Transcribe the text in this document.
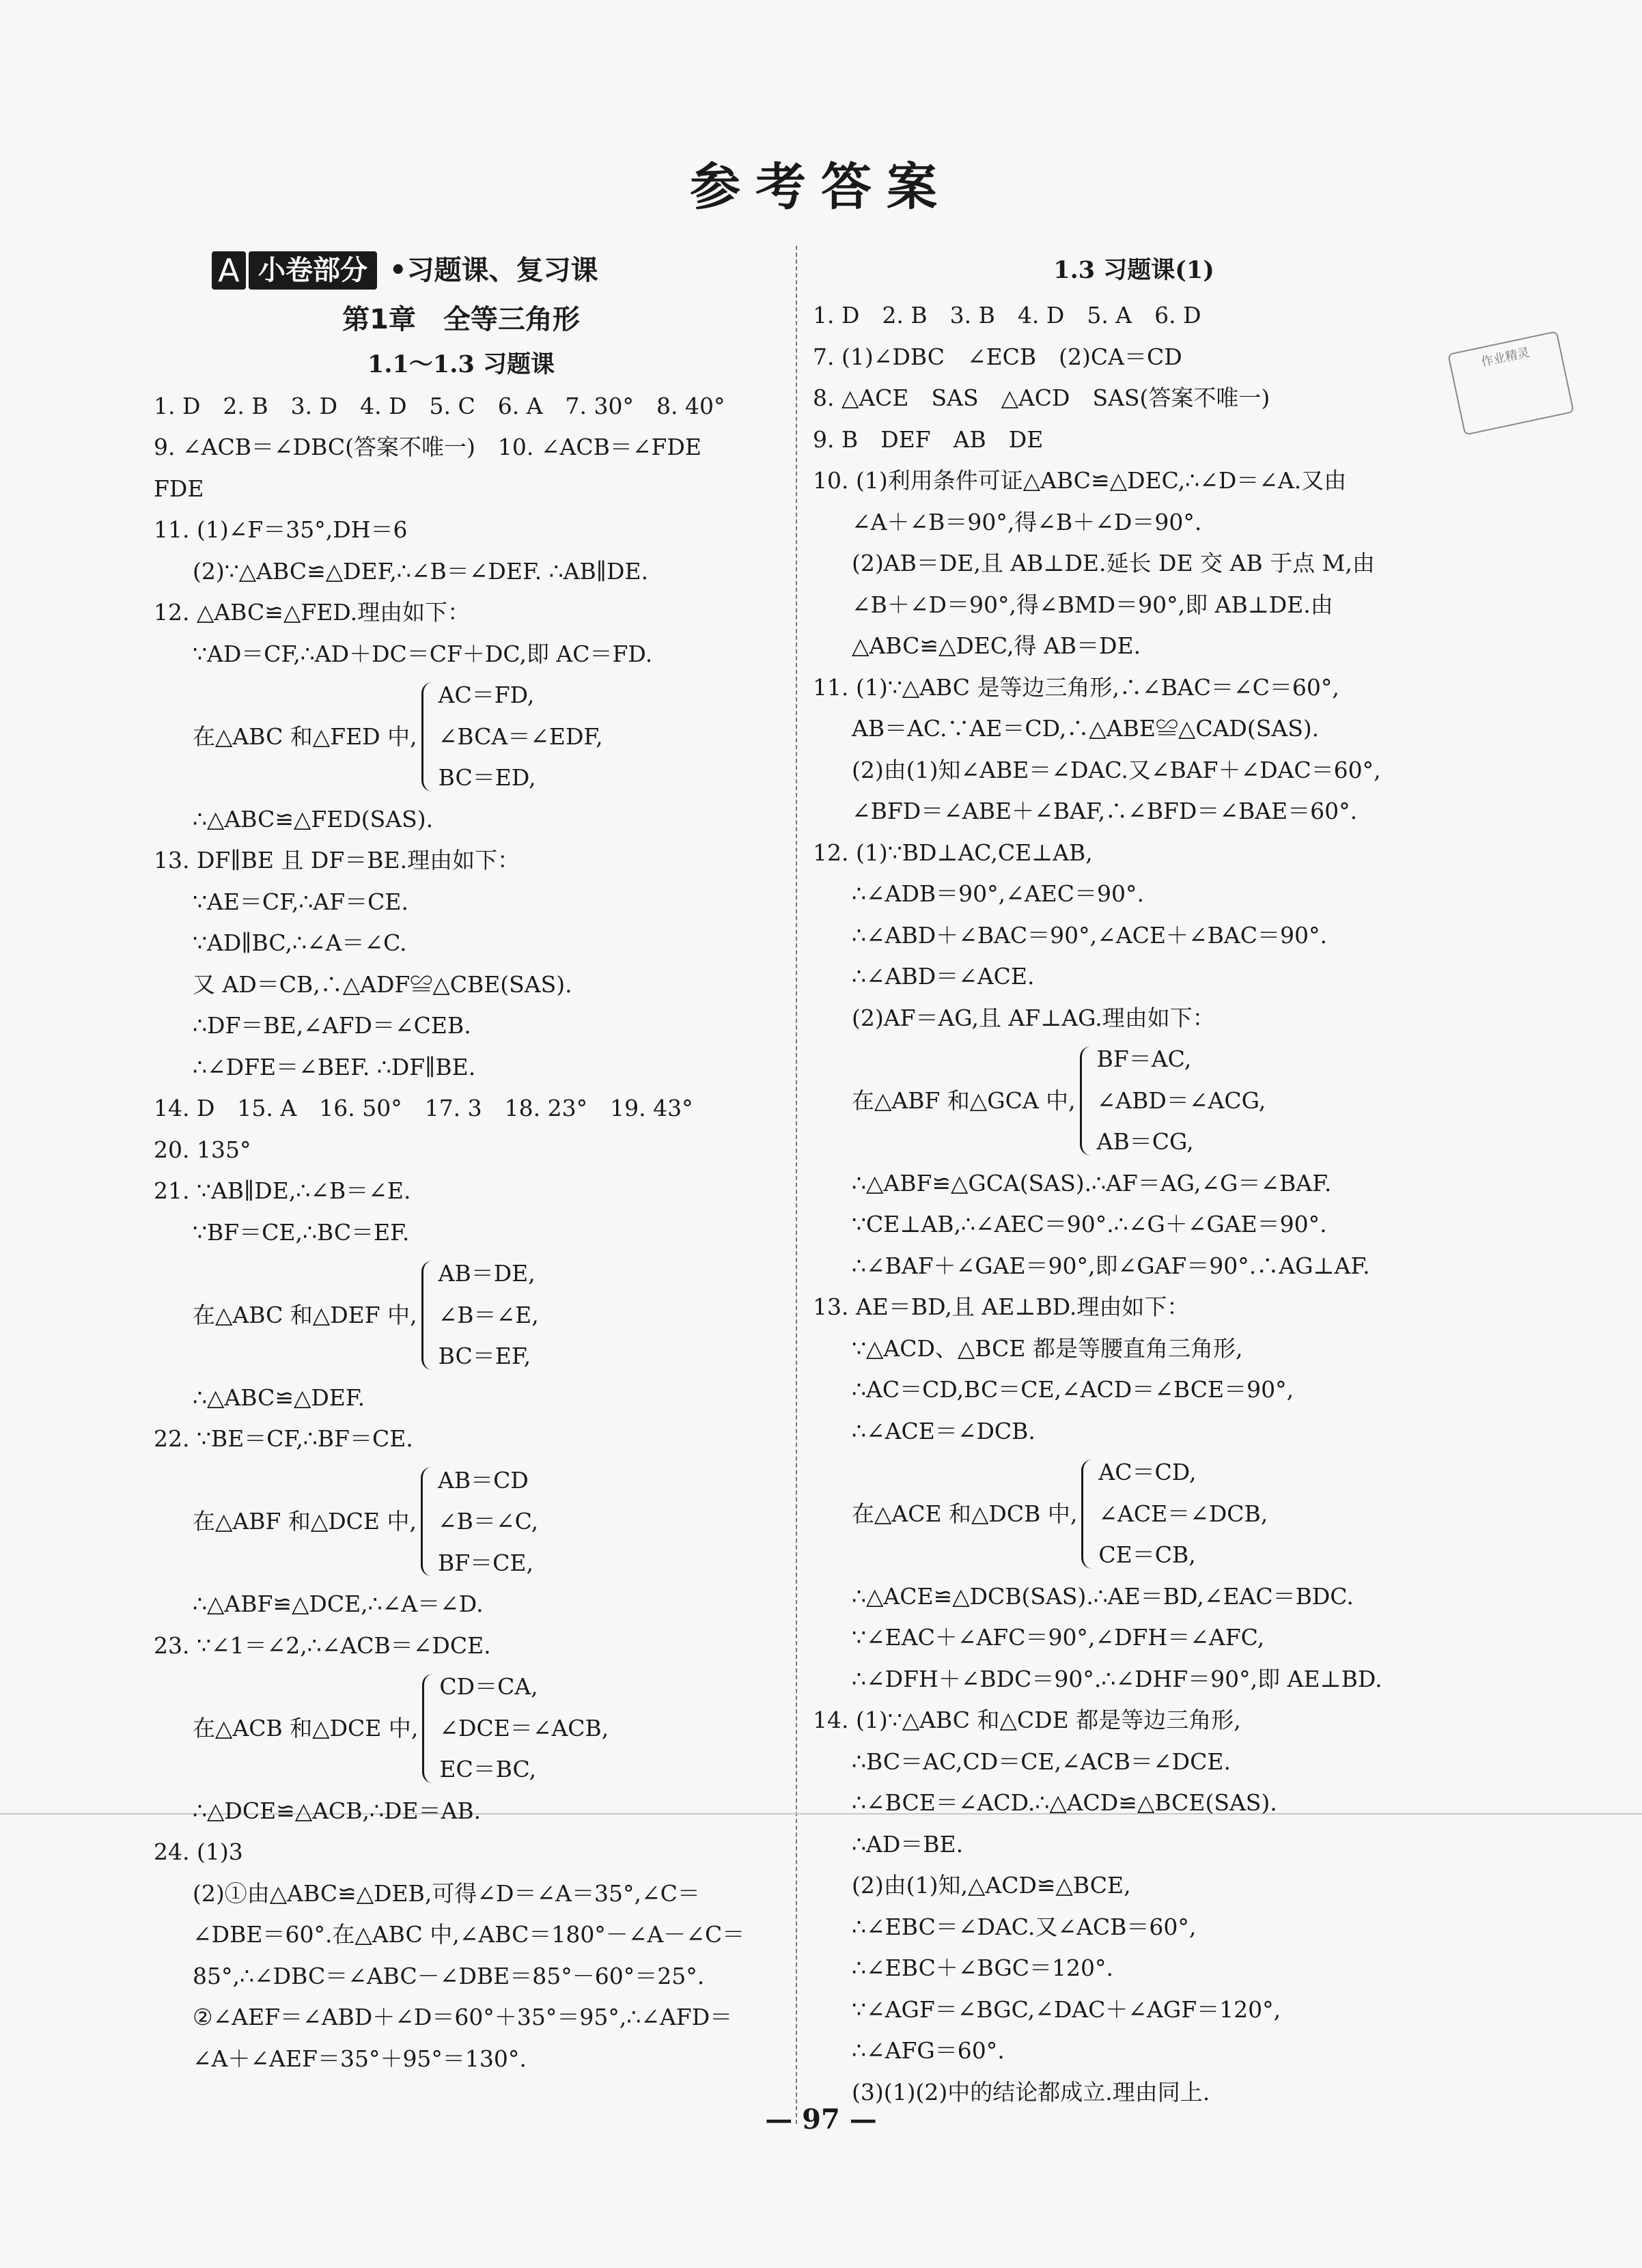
参考答案
作业精灵
A 小卷部分 •习题课、复习课
第1章　全等三角形
1.1～1.3 习题课
1. D　2. B　3. D　4. D　5. C　6. A　7. 30°　8. 40°
9. ∠ACB＝∠DBC(答案不唯一)　10. ∠ACB＝∠FDE
FDE
11. (1)∠F＝35°,DH＝6
(2)∵△ABC≌△DEF,∴∠B＝∠DEF. ∴AB∥DE.
12. △ABC≌△FED.理由如下：
∵AD＝CF,∴AD＋DC＝CF＋DC,即 AC＝FD.
在△ABC 和△FED 中,
AC＝FD,
∠BCA＝∠EDF,
BC＝ED,
∴△ABC≌△FED(SAS).
13. DF∥BE 且 DF＝BE.理由如下：
∵AE＝CF,∴AF＝CE.
∵AD∥BC,∴∠A＝∠C.
又 AD＝CB,∴△ADF≌△CBE(SAS).
∴DF＝BE,∠AFD＝∠CEB.
∴∠DFE＝∠BEF. ∴DF∥BE.
14. D　15. A　16. 50°　17. 3　18. 23°　19. 43°
20. 135°
21. ∵AB∥DE,∴∠B＝∠E.
∵BF＝CE,∴BC＝EF.
在△ABC 和△DEF 中,
AB＝DE,
∠B＝∠E,
BC＝EF,
∴△ABC≌△DEF.
22. ∵BE＝CF,∴BF＝CE.
在△ABF 和△DCE 中,
AB＝CD
∠B＝∠C,
BF＝CE,
∴△ABF≌△DCE,∴∠A＝∠D.
23. ∵∠1＝∠2,∴∠ACB＝∠DCE.
在△ACB 和△DCE 中,
CD＝CA,
∠DCE＝∠ACB,
EC＝BC,
∴△DCE≌△ACB,∴DE＝AB.
24. (1)3
(2)①由△ABC≌△DEB,可得∠D＝∠A＝35°,∠C＝
∠DBE＝60°.在△ABC 中,∠ABC＝180°－∠A－∠C＝
85°,∴∠DBC＝∠ABC－∠DBE＝85°－60°＝25°.
②∠AEF＝∠ABD＋∠D＝60°＋35°＝95°,∴∠AFD＝
∠A＋∠AEF＝35°＋95°＝130°.
1.3 习题课(1)
1. D　2. B　3. B　4. D　5. A　6. D
7. (1)∠DBC　∠ECB　(2)CA＝CD
8. △ACE　SAS　△ACD　SAS(答案不唯一)
9. B　DEF　AB　DE
10. (1)利用条件可证△ABC≌△DEC,∴∠D＝∠A.又由
∠A＋∠B＝90°,得∠B＋∠D＝90°.
(2)AB＝DE,且 AB⊥DE.延长 DE 交 AB 于点 M,由
∠B＋∠D＝90°,得∠BMD＝90°,即 AB⊥DE.由
△ABC≌△DEC,得 AB＝DE.
11. (1)∵△ABC 是等边三角形,∴∠BAC＝∠C＝60°,
AB＝AC.∵AE＝CD,∴△ABE≌△CAD(SAS).
(2)由(1)知∠ABE＝∠DAC.又∠BAF＋∠DAC＝60°,
∠BFD＝∠ABE＋∠BAF,∴∠BFD＝∠BAE＝60°.
12. (1)∵BD⊥AC,CE⊥AB,
∴∠ADB＝90°,∠AEC＝90°.
∴∠ABD＋∠BAC＝90°,∠ACE＋∠BAC＝90°.
∴∠ABD＝∠ACE.
(2)AF＝AG,且 AF⊥AG.理由如下：
在△ABF 和△GCA 中,
BF＝AC,
∠ABD＝∠ACG,
AB＝CG,
∴△ABF≌△GCA(SAS).∴AF＝AG,∠G＝∠BAF.
∵CE⊥AB,∴∠AEC＝90°.∴∠G＋∠GAE＝90°.
∴∠BAF＋∠GAE＝90°,即∠GAF＝90°.∴AG⊥AF.
13. AE＝BD,且 AE⊥BD.理由如下：
∵△ACD、△BCE 都是等腰直角三角形,
∴AC＝CD,BC＝CE,∠ACD＝∠BCE＝90°,
∴∠ACE＝∠DCB.
在△ACE 和△DCB 中,
AC＝CD,
∠ACE＝∠DCB,
CE＝CB,
∴△ACE≌△DCB(SAS).∴AE＝BD,∠EAC＝BDC.
∵∠EAC＋∠AFC＝90°,∠DFH＝∠AFC,
∴∠DFH＋∠BDC＝90°.∴∠DHF＝90°,即 AE⊥BD.
14. (1)∵△ABC 和△CDE 都是等边三角形,
∴BC＝AC,CD＝CE,∠ACB＝∠DCE.
∴∠BCE＝∠ACD.∴△ACD≌△BCE(SAS).
∴AD＝BE.
(2)由(1)知,△ACD≌△BCE,
∴∠EBC＝∠DAC.又∠ACB＝60°,
∴∠EBC＋∠BGC＝120°.
∵∠AGF＝∠BGC,∠DAC＋∠AGF＝120°,
∴∠AFG＝60°.
(3)(1)(2)中的结论都成立.理由同上.
— 97 —
